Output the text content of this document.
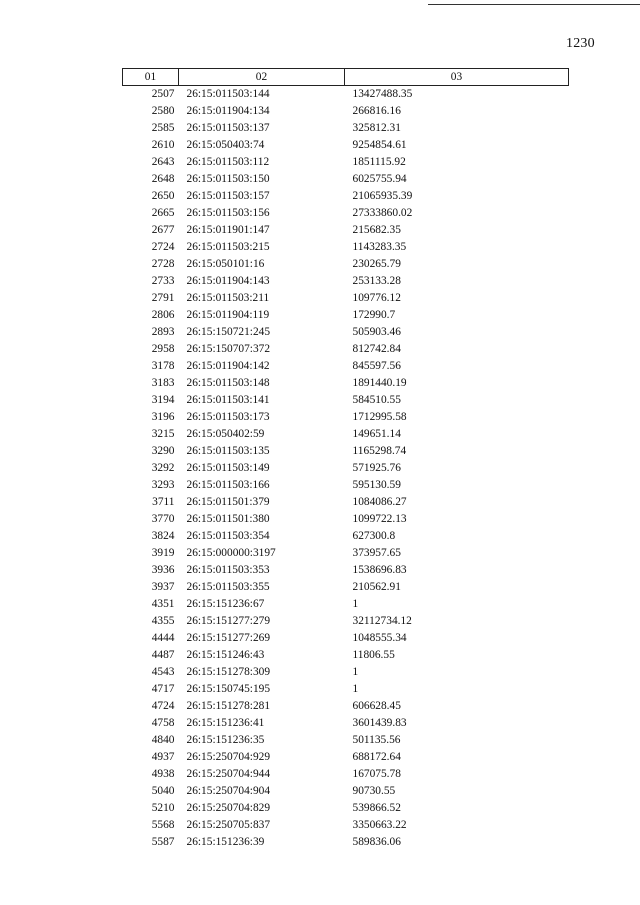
1230
01	02	03
2507	26:15:011503:144	13427488.35
2580	26:15:011904:134	266816.16
2585	26:15:011503:137	325812.31
2610	26:15:050403:74	9254854.61
2643	26:15:011503:112	1851115.92
2648	26:15:011503:150	6025755.94
2650	26:15:011503:157	21065935.39
2665	26:15:011503:156	27333860.02
2677	26:15:011901:147	215682.35
2724	26:15:011503:215	1143283.35
2728	26:15:050101:16	230265.79
2733	26:15:011904:143	253133.28
2791	26:15:011503:211	109776.12
2806	26:15:011904:119	172990.7
2893	26:15:150721:245	505903.46
2958	26:15:150707:372	812742.84
3178	26:15:011904:142	845597.56
3183	26:15:011503:148	1891440.19
3194	26:15:011503:141	584510.55
3196	26:15:011503:173	1712995.58
3215	26:15:050402:59	149651.14
3290	26:15:011503:135	1165298.74
3292	26:15:011503:149	571925.76
3293	26:15:011503:166	595130.59
3711	26:15:011501:379	1084086.27
3770	26:15:011501:380	1099722.13
3824	26:15:011503:354	627300.8
3919	26:15:000000:3197	373957.65
3936	26:15:011503:353	1538696.83
3937	26:15:011503:355	210562.91
4351	26:15:151236:67	1
4355	26:15:151277:279	32112734.12
4444	26:15:151277:269	1048555.34
4487	26:15:151246:43	11806.55
4543	26:15:151278:309	1
4717	26:15:150745:195	1
4724	26:15:151278:281	606628.45
4758	26:15:151236:41	3601439.83
4840	26:15:151236:35	501135.56
4937	26:15:250704:929	688172.64
4938	26:15:250704:944	167075.78
5040	26:15:250704:904	90730.55
5210	26:15:250704:829	539866.52
5568	26:15:250705:837	3350663.22
5587	26:15:151236:39	589836.06
